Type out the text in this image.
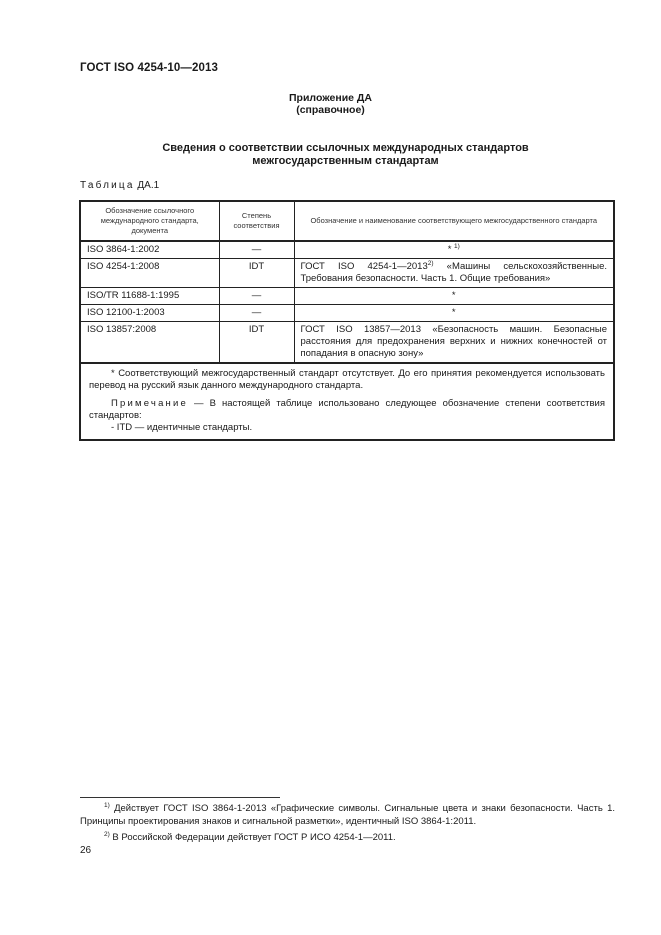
ГОСТ ISO 4254-10—2013
Приложение ДА
(справочное)
Сведения о соответствии ссылочных международных стандартов
межгосударственным стандартам
Таблица ДА.1
Обозначение ссылочного международного стандарта, документа	Степень соответствия	Обозначение и наименование соответствующего межгосударственного стандарта
ISO 3864-1:2002	—	* $^{1)}$
ISO 4254-1:2008	IDT	ГОСТ ISO 4254-1—2013$^{2)}$ «Машины сельскохозяйственные. Требования безопасности. Часть 1. Общие требования»
ISO/TR 11688-1:1995	—	*
ISO 12100-1:2003	—	*
ISO 13857:2008	IDT	ГОСТ ISO 13857—2013 «Безопасность машин. Безопасные расстояния для предохранения верхних и нижних конечностей от попадания в опасную зону»

* Соответствующий межгосударственный стандарт отсутствует. До его принятия рекомендуется использовать перевод на русский язык данного международного стандарта.

Примечание — В настоящей таблице использовано следующее обозначение степени соответствия стандартов:

- ITD — идентичные стандарты.		

$^{1)}$ Действует ГОСТ ISO 3864-1-2013 «Графические символы. Сигнальные цвета и знаки безопасности. Часть 1. Принципы проектирования знаков и сигнальной разметки», идентичный ISO 3864-1:2011.

$^{2)}$ В Российской Федерации действует ГОСТ Р ИСО 4254-1—2011.

26
